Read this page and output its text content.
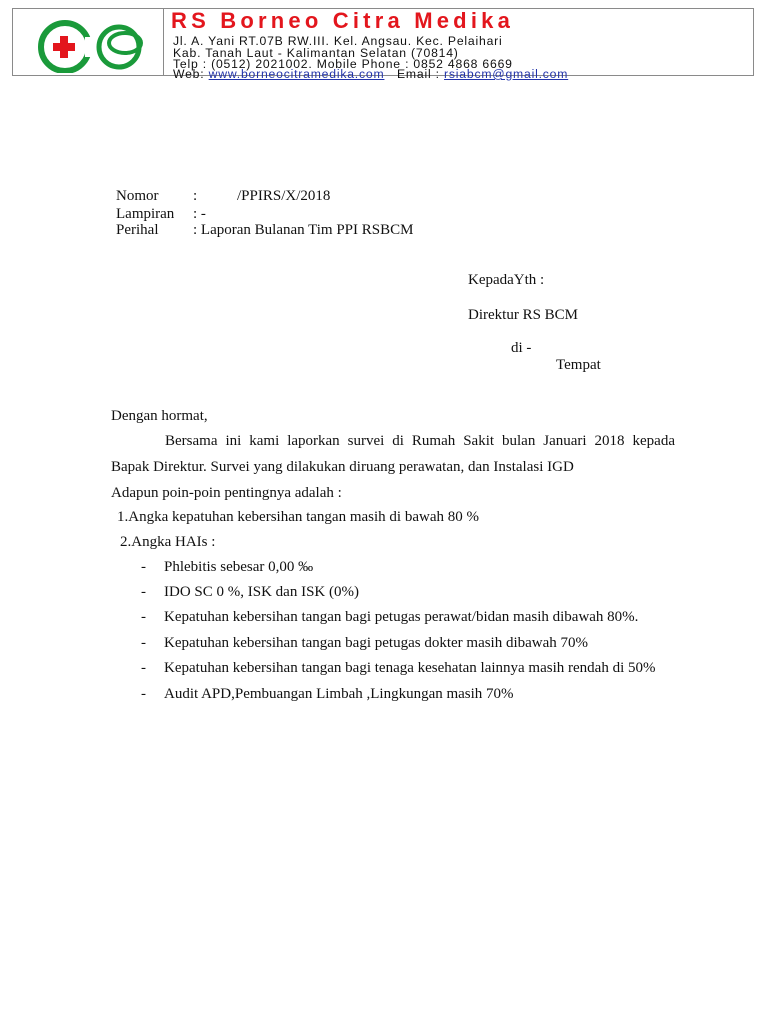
RS Borneo Citra Medika
Jl. A. Yani RT.07B RW.III. Kel. Angsau. Kec. Pelaihari
Kab. Tanah Laut - Kalimantan Selatan (70814)
Telp : (0512) 2021002. Mobile Phone : 0852 4868 6669
Web: www.borneocitramedika.com Email : rsiabcm@gmail.com
Nomor :	/PPIRS/X/2018
Lampiran : -
Perihal : Laporan Bulanan Tim PPI RSBCM
KepadaYth :
Direktur RS BCM
di -
Tempat
Dengan hormat,
Bersama ini kami laporkan survei di Rumah Sakit bulan Januari 2018 kepada
Bapak Direktur. Survei yang dilakukan diruang perawatan, dan Instalasi IGD
Adapun poin-poin pentingnya adalah :
1.Angka kepatuhan kebersihan tangan masih di bawah 80 %
2.Angka HAIs :
- Phlebitis sebesar 0,00 ‰
- IDO SC 0 %, ISK dan ISK (0%)
- Kepatuhan kebersihan tangan bagi petugas perawat/bidan masih dibawah 80%.
- Kepatuhan kebersihan tangan bagi petugas dokter masih dibawah 70%
- Kepatuhan kebersihan tangan bagi tenaga kesehatan lainnya masih rendah di 50%
- Audit APD,Pembuangan Limbah ,Lingkungan masih 70%
